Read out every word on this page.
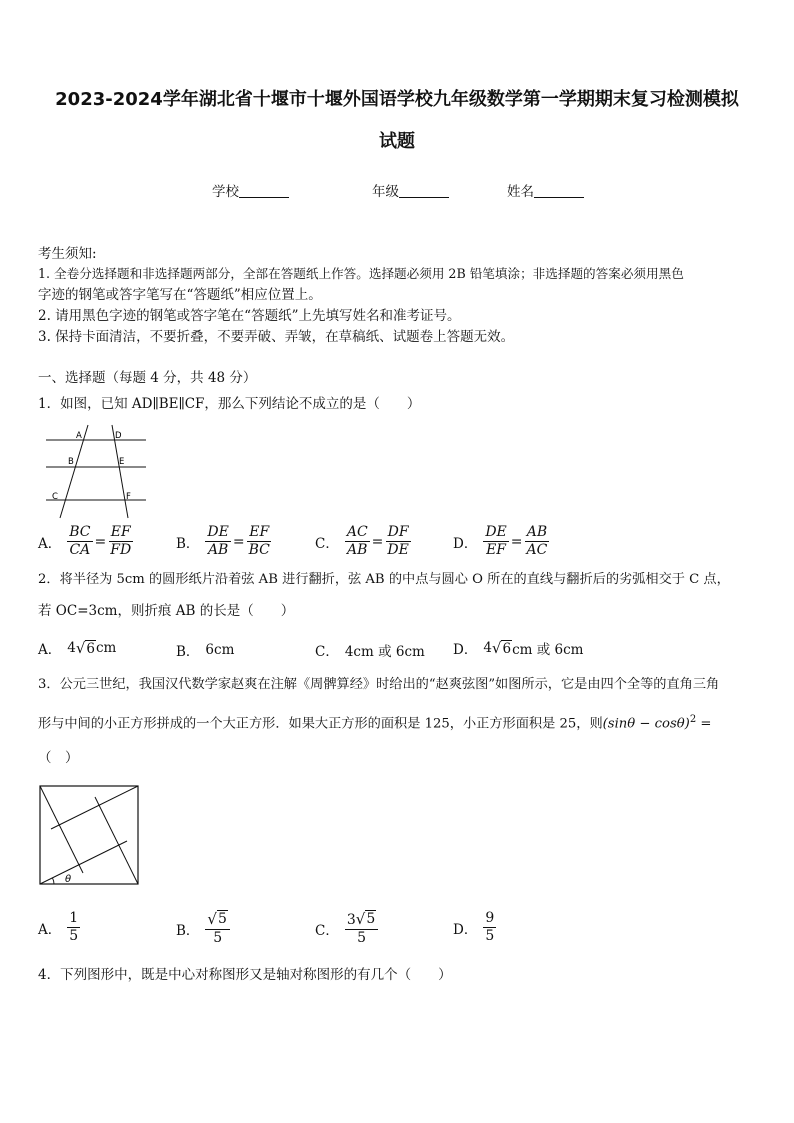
2023-2024学年湖北省十堰市十堰外国语学校九年级数学第一学期期末复习检测模拟
试题
学校	年级	姓名
考生须知:
1. 全卷分选择题和非选择题两部分，全部在答题纸上作答。选择题必须用 2B 铅笔填涂；非选择题的答案必须用黑色
字迹的钢笔或答字笔写在“答题纸”相应位置上。
2. 请用黑色字迹的钢笔或答字笔在“答题纸”上先填写姓名和准考证号。
3. 保持卡面清洁，不要折叠，不要弄破、弄皱，在草稿纸、试题卷上答题无效。
一、选择题（每题 4 分，共 48 分）
1．如图，已知 AD∥BE∥CF，那么下列结论不成立的是（　　）
A	D
B	E
C	F
A． $\frac{BC}{CA} = \frac{EF}{FD}$	B． $\frac{DE}{AB} = \frac{EF}{BC}$	C． $\frac{AC}{AB} = \frac{DF}{DE}$	D． $\frac{DE}{EF} = \frac{AB}{AC}$
2．将半径为 5cm 的圆形纸片沿着弦 AB 进行翻折，弦 AB 的中点与圆心 O 所在的直线与翻折后的劣弧相交于 C 点，
若 OC=3cm，则折痕 AB 的长是（　　）
A． 4 √ 6 cm	B． 6cm	C． 4cm 或 6cm D． 4 √ 6 cm 或 6cm
3．公元三世纪，我国汉代数学家赵爽在注解《周髀算经》时给出的“赵爽弦图”如图所示，它是由四个全等的直角三角
形与中间的小正方形拼成的一个大正方形．如果大正方形的面积是 125，小正方形面积是 25，则$(\sin\theta - \cos\theta)^2$ =
（　）
θ
A． $\frac{1}{5}$	B． $\frac{√ 5}{5}$	C． $\frac{3 √ 5}{5}$	D． $\frac{9}{5}$
4．下列图形中，既是中心对称图形又是轴对称图形的有几个（　　）
